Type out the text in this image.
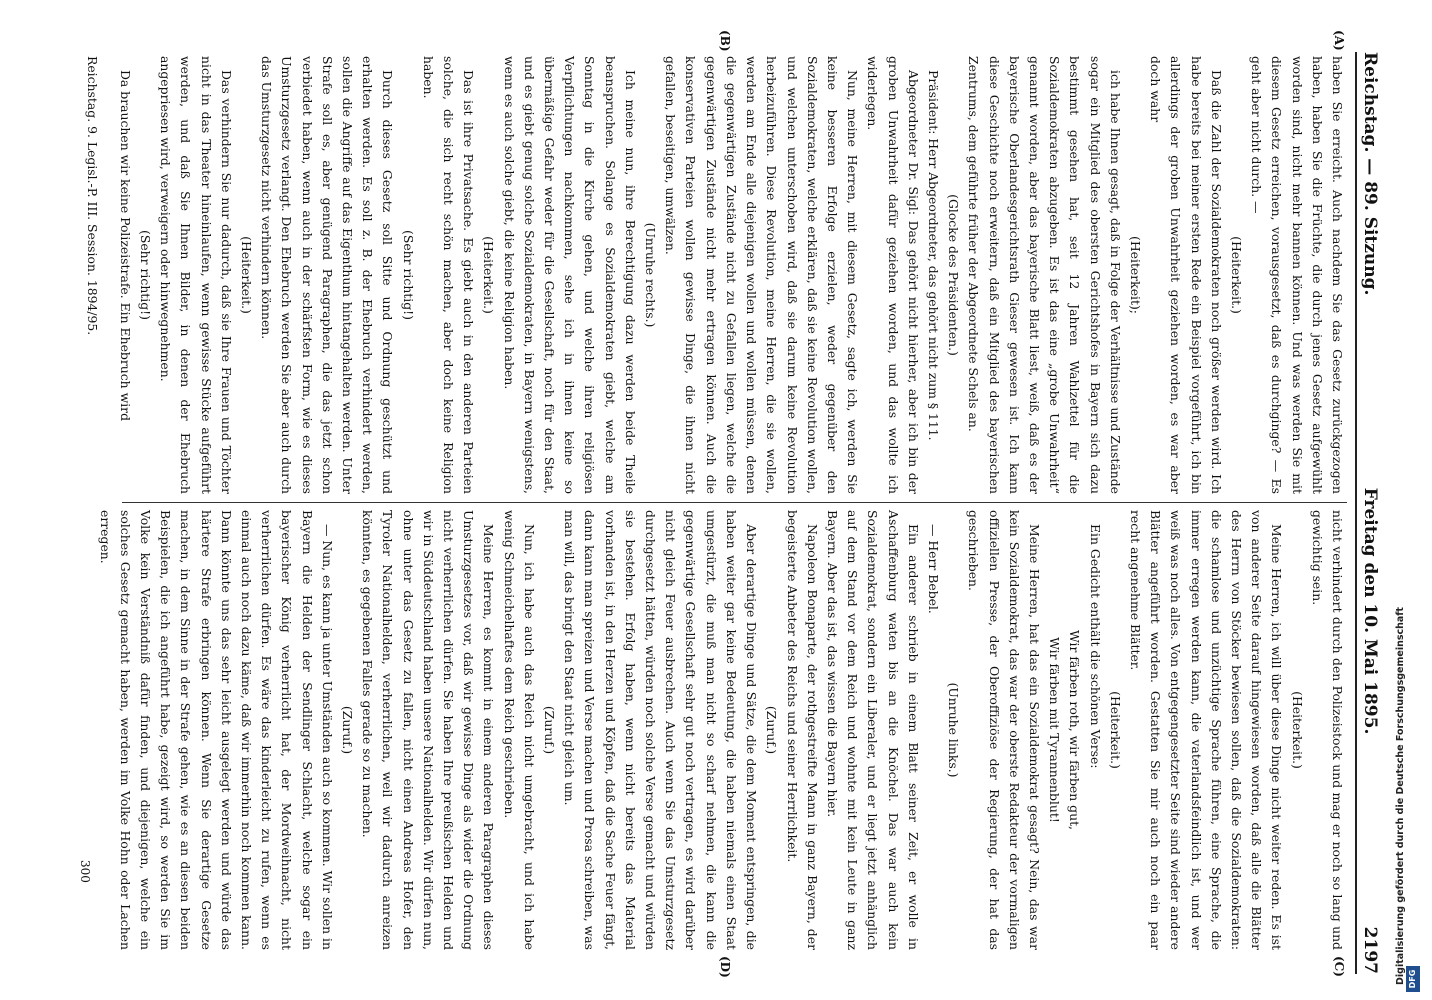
Reichstag. — 89. Sitzung.
Freitag den 10. Mai 1895.
2197
(A)
(B)
(C)
(D)

haben Sie erreicht. Auch nachdem Sie das Gesetz zurückgezogen haben, haben Sie die Früchte, die durch jenes Gesetz aufgewühlt worden sind, nicht mehr bannen können. Und was werden Sie mit diesem Gesetz erreichen, vorausgesetzt, daß es durchginge? — Es geht aber nicht durch. —

(Heiterkeit.)

Daß die Zahl der Sozialdemokraten noch größer werden wird. Ich habe bereits bei meiner ersten Rede ein Beispiel vorgeführt, ich bin allerdings der groben Unwahrheit geziehen worden, es war aber doch wahr

(Heiterkeit);

ich habe Ihnen gesagt, daß in Folge der Verhältnisse und Zustände sogar ein Mitglied des obersten Gerichtshofes in Bayern sich dazu bestimmt gesehen hat, seit 12 Jahren Wahlzettel für die Sozialdemokraten abzugeben. Es ist das eine „grobe Unwahrheit“ genannt worden, aber das bayerische Blatt liest, weiß, daß es der bayerische Oberlandesgerichtsrath Gieser gewesen ist. Ich kann diese Geschichte noch erweitern, daß ein Mitglied des bayerischen Zentrums, dem geführte früher der Abgeordnete Schels an.

(Glocke des Präsidenten.)

Präsident: Herr Abgeordneter, das gehört nicht zum § 111.

Abgeordneter Dr. Sigl: Das gehört nicht hierher, aber ich bin der groben Unwahrheit dafür geziehen worden, und das wollte ich widerlegen.

Nun, meine Herren, mit diesem Gesetz, sagte ich, werden Sie keine besseren Erfolge erzielen, weder gegenüber den Sozialdemokraten, welche erklären, daß sie keine Revolution wollen, und welchen unterschoben wird, daß sie darum keine Revolution herbeizuführen. Diese Revolution, meine Herren, die sie wollen, werden am Ende alle diejenigen wollen und wollen müssen, denen die gegenwärtigen Zustände nicht zu Gefallen liegen, welche die gegenwärtigen Zustände nicht mehr ertragen können. Auch die konservativen Parteien wollen gewisse Dinge, die ihnen nicht gefallen, beseitigen, umwälzen.

(Unruhe rechts.)

Ich meine nun, ihre Berechtigung dazu werden beide Theile beanspruchen. Solange es Sozialdemokraten giebt, welche am Sonntag in die Kirche gehen, und welche ihren religiösen Verpflichtungen nachkommen, sehe ich in ihnen keine so übermäßige Gefahr weder für die Gesellschaft, noch für den Staat, und es giebt genug solche Sozialdemokraten, in Bayern wenigstens, wenn es auch solche giebt, die keine Religion haben.

(Heiterkeit.)

Das ist ihre Privatsache. Es giebt auch in den anderen Parteien solche, die sich recht schön machen, aber doch keine Religion haben.

(Sehr richtig!)

Durch dieses Gesetz soll Sitte und Ordnung geschützt und erhalten werden. Es soll z. B. der Ehebruch verhindert werden, sollen die Angriffe auf das Eigenthum hintangehalten werden. Unter Strafe soll es, aber genügend Paragraphen, die das jetzt schon verbiedet haben, wenn auch in der schärfsten Form, wie es dieses Umsturzgesetz verlangt. Den Ehebruch werden Sie aber auch durch das Umsturzgesetz nicht verhindern können.

(Heiterkeit.)

Das verhindern Sie nur dadurch, daß sie Ihre Frauen und Töchter nicht in das Theater hineinlaufen, wenn gewisse Stücke aufgeführt werden, und daß Sie Ihnen Bilder, in denen der Ehebruch angepriesen wird, verweigern oder hinwegnehmen.

(Sehr richtig!)

Da brauchen wir keine Polizeistrafe. Ein Ehebruch wird

nicht verhindert durch den Polizeistock und mag er noch so lang und gewichtig sein.

(Heiterkeit.)

Meine Herren, ich will über diese Dinge nicht weiter reden. Es ist von anderer Seite darauf hingewiesen worden, daß alle die Blätter des Herrn von Stöcker bewiesen sollen, daß die Sozialdemokraten: die schamlose und unzüchtige Sprache führen, eine Sprache, die immer erregen werden kann, die vaterlandsfeindlich ist, und wer weiß was noch alles. Von entgegengesetzter Seite sind wieder andere Blätter angeführt worden. Gestatten Sie mir auch noch ein paar recht angenehme Blätter.

(Heiterkeit.)

Ein Gedicht enthält die schönen Verse:

Wir färben roth, wir färben gut,

Wir färben mit Tyrannenblut!

Meine Herren, hat das ein Sozialdemokrat gesagt? Nein, das war kein Sozialdemokrat, das war der oberste Redakteur der vormaligen offiziellen Presse, der Oberoffiziöse der Regierung, der hat das geschrieben.

(Unruhe links.)

— Herr Bebel.

Ein anderer schrieb in einem Blatt seiner Zeit, er wolle in Aschaffenburg waten bis an die Knöchel. Das war auch kein Sozialdemokrat, sondern ein Liberaler, und er liegt jetzt anhänglich auf dem Stand vor dem Reich und wohnte mit kein Leute in ganz Bayern. Aber das ist, das wissen die Bayern hier.

Napoleon Bonaparte, der rothgestreifte Mann in ganz Bayern, der begeisterte Anbeter des Reichs und seiner Herrlichkeit.

(Zuruf.)

Aber derartige Dinge und Sätze, die dem Moment entspringen, die haben weiter gar keine Bedeutung, die haben niemals einen Staat umgestürzt, die muß man nicht so scharf nehmen, die kann die gegenwärtige Gesellschaft sehr gut noch vertragen, es wird darüber nicht gleich Feuer ausbrechen. Auch wenn Sie das Umsturzgesetz durchgesetzt hätten, würden noch solche Verse gemacht und würden sie bestehen. Erfolg haben, wenn nicht bereits das Material vorhanden ist, in den Herzen und Köpfen, daß die Sache Feuer fängt, dann kann man spreizen und Verse machen und Prosa schreiben, was man will, das bringt den Staat nicht gleich um.

(Zuruf.)

Nun, ich habe auch das Reich nicht umgebracht, und ich habe wenig Schmeichelhaftes dem Reich geschrieben.

Meine Herren, es kommt in einem anderen Paragraphen dieses Umsturzgesetzes vor, daß wir gewisse Dinge als wider die Ordnung nicht verherrlichen dürfen. Sie haben Ihre preußischen Helden und wir in Süddeutschland haben unsere Nationalhelden. Wir dürfen nun, ohne unter das Gesetz zu fallen, nicht einen Andreas Hofer, den Tyroler Nationalhelden, verherrlichen, weil wir dadurch anreizen könnten, es gegebenen Falles gerade so zu machen.

(Zuruf.)

— Nun, es kann ja unter Umständen auch so kommen. Wir sollen in Bayern die Helden der Sendlinger Schlacht, welche sogar ein bayerischer König verherrlicht hat, der Mordweihnacht, nicht verherrlichen dürfen. Es wäre das kinderleicht zu rufen, wenn es einmal auch noch dazu käme, daß wir immerhin noch kommen kann. Dann könnte uns das sehr leicht ausgelegt werden und würde das härtere Strafe erbringen können. Wenn Sie derartige Gesetze machen, in dem Sinne in der Strafe gehen, wie es an diesen beiden Beispielen, die ich angeführt habe, gezeigt wird, so werden Sie im Volke kein Verständniß dafür finden, und diejenigen, welche ein solches Gesetz gemacht haben, werden im Volke Hohn oder Lachen erregen.

Reichstag. 9. Legisl.-P. III. Session. 1894/95.
300	Digitalisierung gefördert durch die Deutsche Forschungsgemeinschaft DFG
